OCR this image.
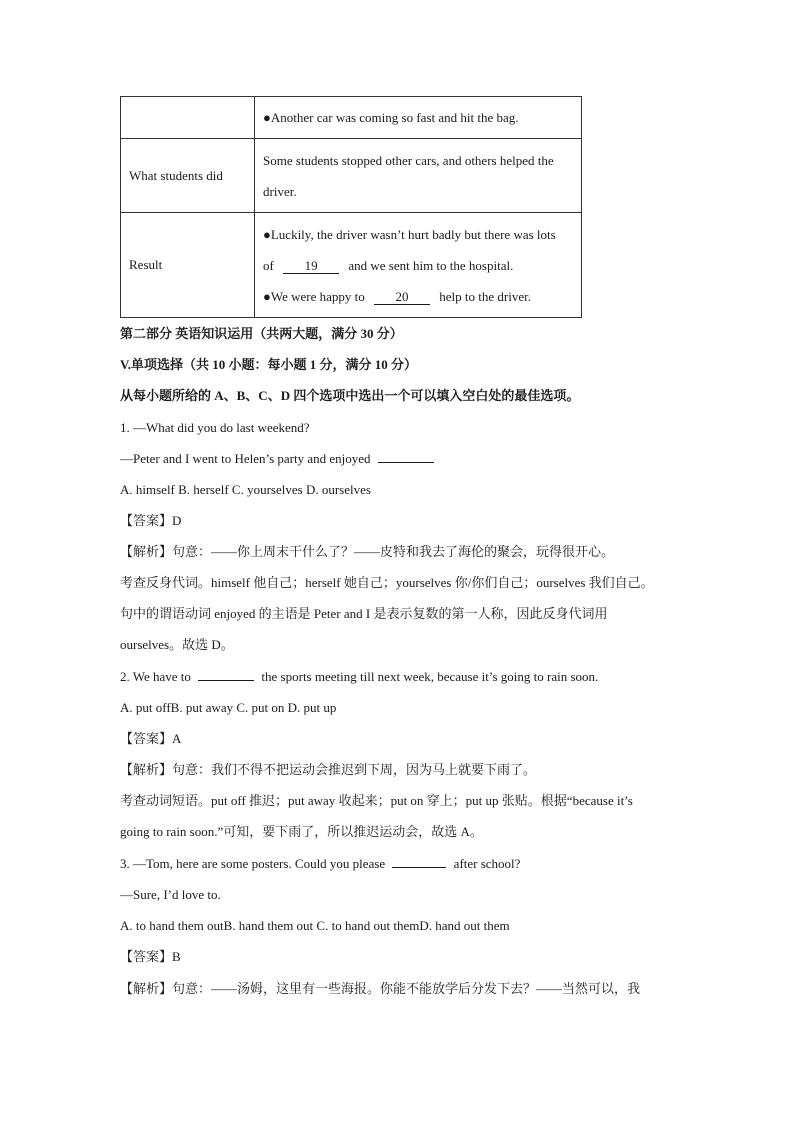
	●Another car was coming so fast and hit the bag.

What students did	Some students stopped other cars, and others helped the
driver.

Result	●Luckily, the driver wasn’t hurt badly but there was lots
of 19 and we sent him to the hospital.
●We were happy to 20 help to the driver.
第二部分 英语知识运用（共两大题，满分 30 分）
V.单项选择（共 10 小题：每小题 1 分，满分 10 分）
从每小题所给的 A、B、C、D 四个选项中选出一个可以填入空白处的最佳选项。
1. —What did you do last weekend?
—Peter and I went to Helen’s party and enjoyed
A. himself B. herself C. yourselves D. ourselves
【答案】D
【解析】句意：——你上周末干什么了？——皮特和我去了海伦的聚会，玩得很开心。
考查反身代词。himself 他自己；herself 她自己；yourselves 你/你们自己；ourselves 我们自己。
句中的谓语动词 enjoyed 的主语是 Peter and I 是表示复数的第一人称，因此反身代词用
ourselves。故选 D。
2. We have to	the sports meeting till next week, because it’s going to rain soon.
A. put offB. put away C. put on D. put up
【答案】A
【解析】句意：我们不得不把运动会推迟到下周，因为马上就要下雨了。
考查动词短语。put off 推迟；put away 收起来；put on 穿上；put up 张贴。根据“because it’s
going to rain soon.”可知，要下雨了，所以推迟运动会，故选 A。
3. —Tom, here are some posters. Could you please	after school?
—Sure, I’d love to.
A. to hand them outB. hand them out C. to hand out themD. hand out them
【答案】B
【解析】句意：——汤姆，这里有一些海报。你能不能放学后分发下去？——当然可以，我
